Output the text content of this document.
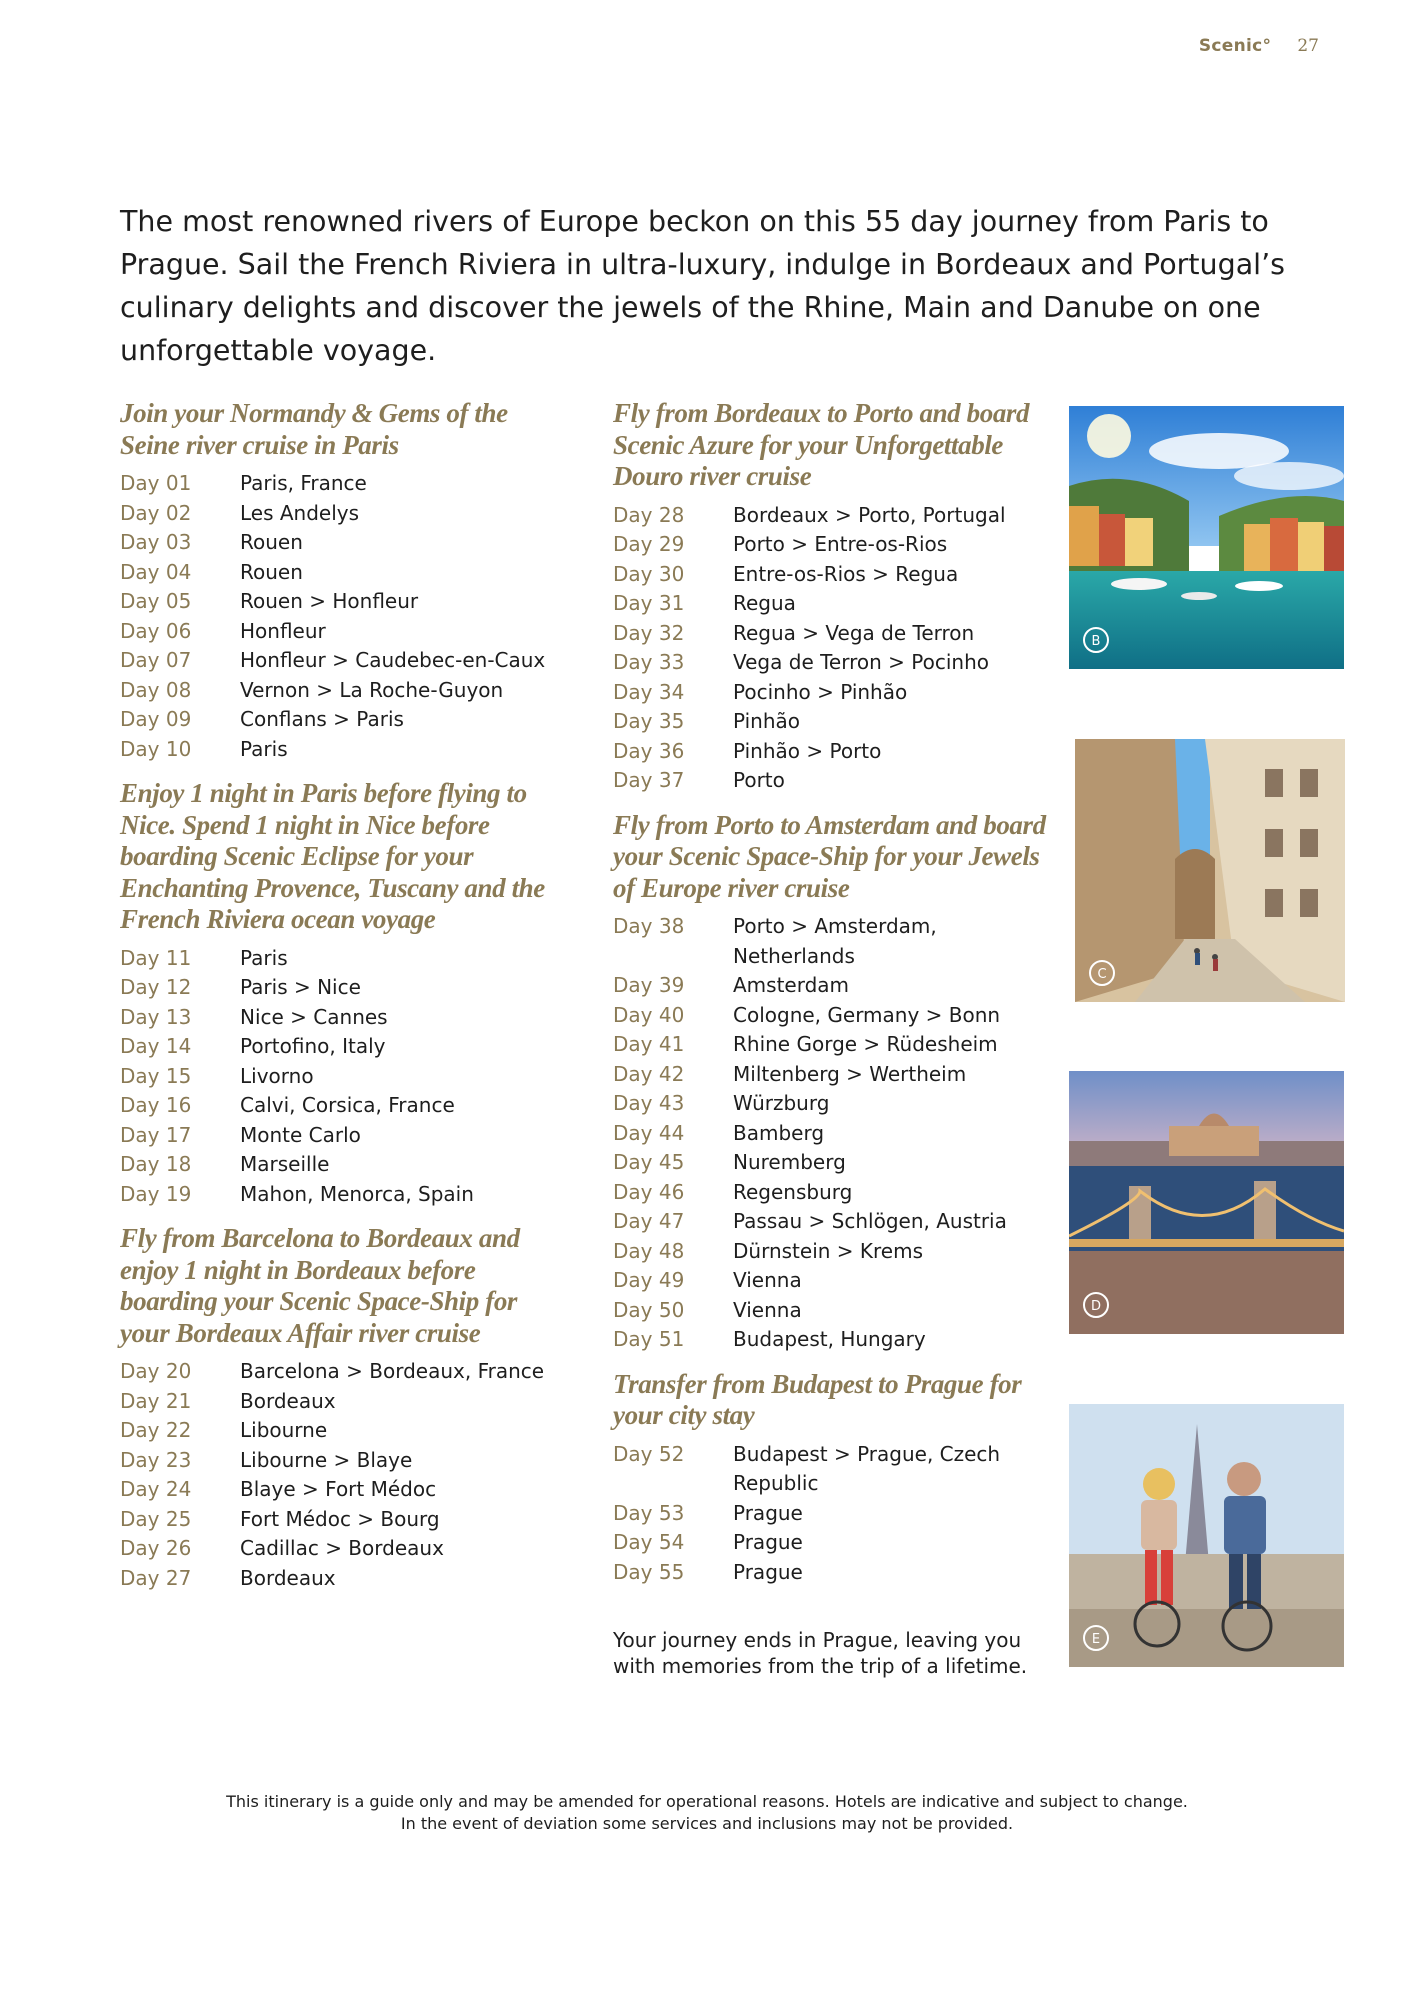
Scenic° 27

The most renowned rivers of Europe beckon on this 55 day journey from Paris to Prague. Sail the French Riviera in ultra-luxury, indulge in Bordeaux and Portugal’s culinary delights and discover the jewels of the Rhine, Main and Danube on one unforgettable voyage.

Join your Normandy & Gems of the Seine river cruise in Paris
Day 01	Paris, France
Day 02	Les Andelys
Day 03	Rouen
Day 04	Rouen
Day 05	Rouen > Honfleur
Day 06	Honfleur
Day 07	Honfleur > Caudebec-en-Caux
Day 08	Vernon > La Roche-Guyon
Day 09	Conflans > Paris
Day 10	Paris
Enjoy 1 night in Paris before flying to Nice. Spend 1 night in Nice before boarding Scenic Eclipse for your Enchanting Provence, Tuscany and the French Riviera ocean voyage
Day 11	Paris
Day 12	Paris > Nice
Day 13	Nice > Cannes
Day 14	Portofino, Italy
Day 15	Livorno
Day 16	Calvi, Corsica, France
Day 17	Monte Carlo
Day 18	Marseille
Day 19	Mahon, Menorca, Spain
Fly from Barcelona to Bordeaux and enjoy 1 night in Bordeaux before boarding your Scenic Space-Ship for your Bordeaux Affair river cruise
Day 20	Barcelona > Bordeaux, France
Day 21	Bordeaux
Day 22	Libourne
Day 23	Libourne > Blaye
Day 24	Blaye > Fort Médoc
Day 25	Fort Médoc > Bourg
Day 26	Cadillac > Bordeaux
Day 27	Bordeaux
Fly from Bordeaux to Porto and board Scenic Azure for your Unforgettable Douro river cruise
Day 28	Bordeaux > Porto, Portugal
Day 29	Porto > Entre-os-Rios
Day 30	Entre-os-Rios > Regua
Day 31	Regua
Day 32	Regua > Vega de Terron
Day 33	Vega de Terron > Pocinho
Day 34	Pocinho > Pinhão
Day 35	Pinhão
Day 36	Pinhão > Porto
Day 37	Porto
Fly from Porto to Amsterdam and board your Scenic Space-Ship for your Jewels of Europe river cruise
Day 38	Porto > Amsterdam, Netherlands
Day 39	Amsterdam
Day 40	Cologne, Germany > Bonn
Day 41	Rhine Gorge > Rüdesheim
Day 42	Miltenberg > Wertheim
Day 43	Würzburg
Day 44	Bamberg
Day 45	Nuremberg
Day 46	Regensburg
Day 47	Passau > Schlögen, Austria
Day 48	Dürnstein > Krems
Day 49	Vienna
Day 50	Vienna
Day 51	Budapest, Hungary
Transfer from Budapest to Prague for your city stay
Day 52	Budapest > Prague, Czech Republic
Day 53	Prague
Day 54	Prague
Day 55	Prague

Your journey ends in Prague, leaving you with memories from the trip of a lifetime.

B
C
D
E

This itinerary is a guide only and may be amended for operational reasons. Hotels are indicative and subject to change.

In the event of deviation some services and inclusions may not be provided.
